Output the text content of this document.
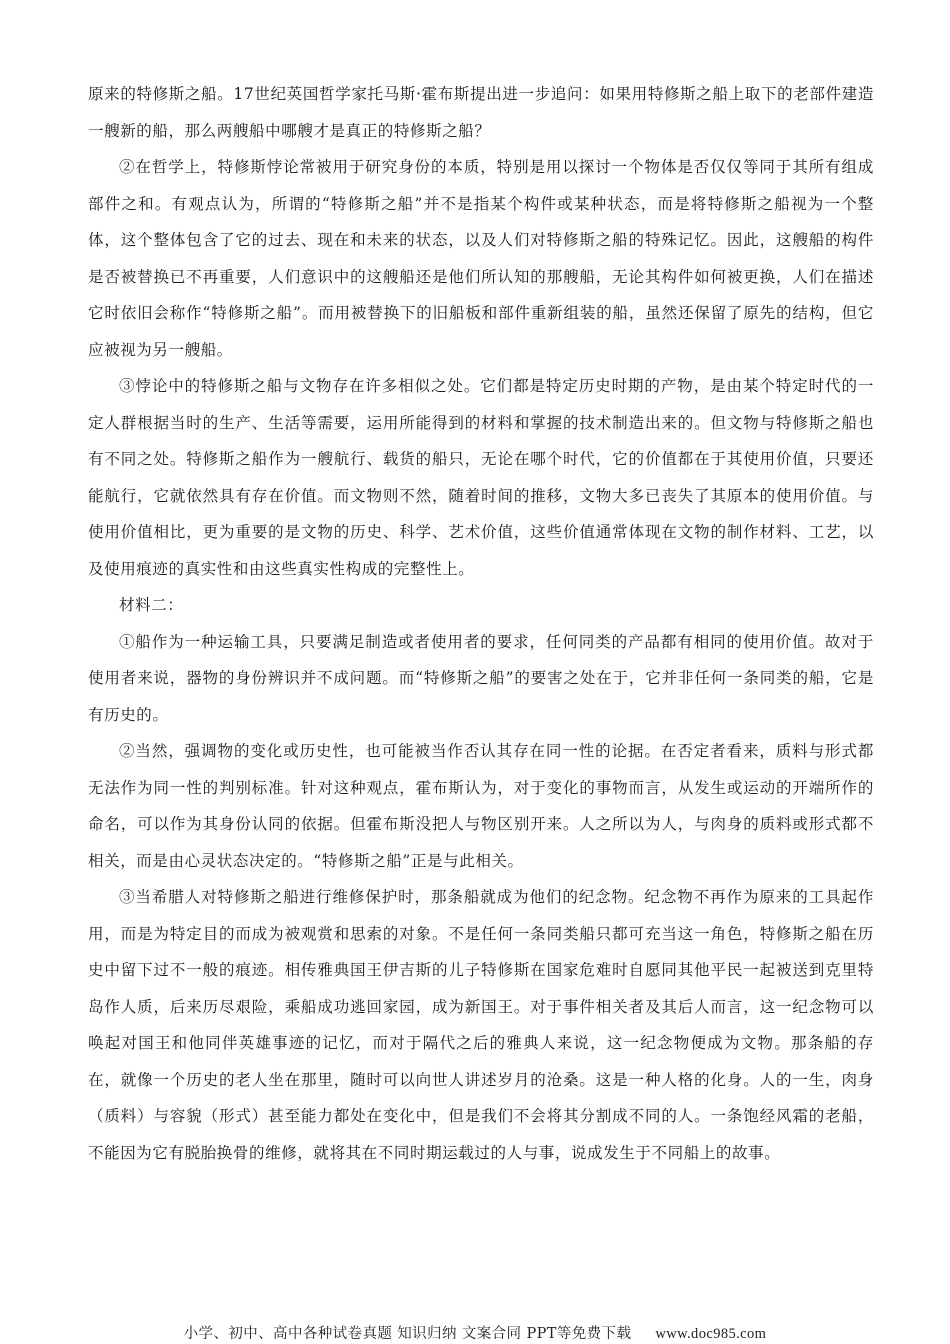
原来的特修斯之船。17世纪英国哲学家托马斯·霍布斯提出进一步追问：如果用特修斯之船上取下的老部件建造一艘新的船，那么两艘船中哪艘才是真正的特修斯之船？

②在哲学上，特修斯悖论常被用于研究身份的本质，特别是用以探讨一个物体是否仅仅等同于其所有组成部件之和。有观点认为，所谓的“特修斯之船”并不是指某个构件或某种状态，而是将特修斯之船视为一个整体，这个整体包含了它的过去、现在和未来的状态，以及人们对特修斯之船的特殊记忆。因此，这艘船的构件是否被替换已不再重要，人们意识中的这艘船还是他们所认知的那艘船，无论其构件如何被更换，人们在描述它时依旧会称作“特修斯之船”。而用被替换下的旧船板和部件重新组装的船，虽然还保留了原先的结构，但它应被视为另一艘船。

③悖论中的特修斯之船与文物存在许多相似之处。它们都是特定历史时期的产物，是由某个特定时代的一定人群根据当时的生产、生活等需要，运用所能得到的材料和掌握的技术制造出来的。但文物与特修斯之船也有不同之处。特修斯之船作为一艘航行、载货的船只，无论在哪个时代，它的价值都在于其使用价值，只要还能航行，它就依然具有存在价值。而文物则不然，随着时间的推移，文物大多已丧失了其原本的使用价值。与使用价值相比，更为重要的是文物的历史、科学、艺术价值，这些价值通常体现在文物的制作材料、工艺，以及使用痕迹的真实性和由这些真实性构成的完整性上。

材料二：

①船作为一种运输工具，只要满足制造或者使用者的要求，任何同类的产品都有相同的使用价值。故对于使用者来说，器物的身份辨识并不成问题。而“特修斯之船”的要害之处在于，它并非任何一条同类的船，它是有历史的。

②当然，强调物的变化或历史性，也可能被当作否认其存在同一性的论据。在否定者看来，质料与形式都无法作为同一性的判别标准。针对这种观点，霍布斯认为，对于变化的事物而言，从发生或运动的开端所作的命名，可以作为其身份认同的依据。但霍布斯没把人与物区别开来。人之所以为人，与肉身的质料或形式都不相关，而是由心灵状态决定的。“特修斯之船”正是与此相关。

③当希腊人对特修斯之船进行维修保护时，那条船就成为他们的纪念物。纪念物不再作为原来的工具起作用，而是为特定目的而成为被观赏和思索的对象。不是任何一条同类船只都可充当这一角色，特修斯之船在历史中留下过不一般的痕迹。相传雅典国王伊吉斯的儿子特修斯在国家危难时自愿同其他平民一起被送到克里特岛作人质，后来历尽艰险，乘船成功逃回家园，成为新国王。对于事件相关者及其后人而言，这一纪念物可以唤起对国王和他同伴英雄事迹的记忆，而对于隔代之后的雅典人来说，这一纪念物便成为文物。那条船的存在，就像一个历史的老人坐在那里，随时可以向世人讲述岁月的沧桑。这是一种人格的化身。人的一生，肉身（质料）与容貌（形式）甚至能力都处在变化中，但是我们不会将其分割成不同的人。一条饱经风霜的老船，不能因为它有脱胎换骨的维修，就将其在不同时期运载过的人与事，说成发生于不同船上的故事。

小学、初中、高中各种试卷真题 知识归纳 文案合同 PPT等免费下载 www.doc985.com
